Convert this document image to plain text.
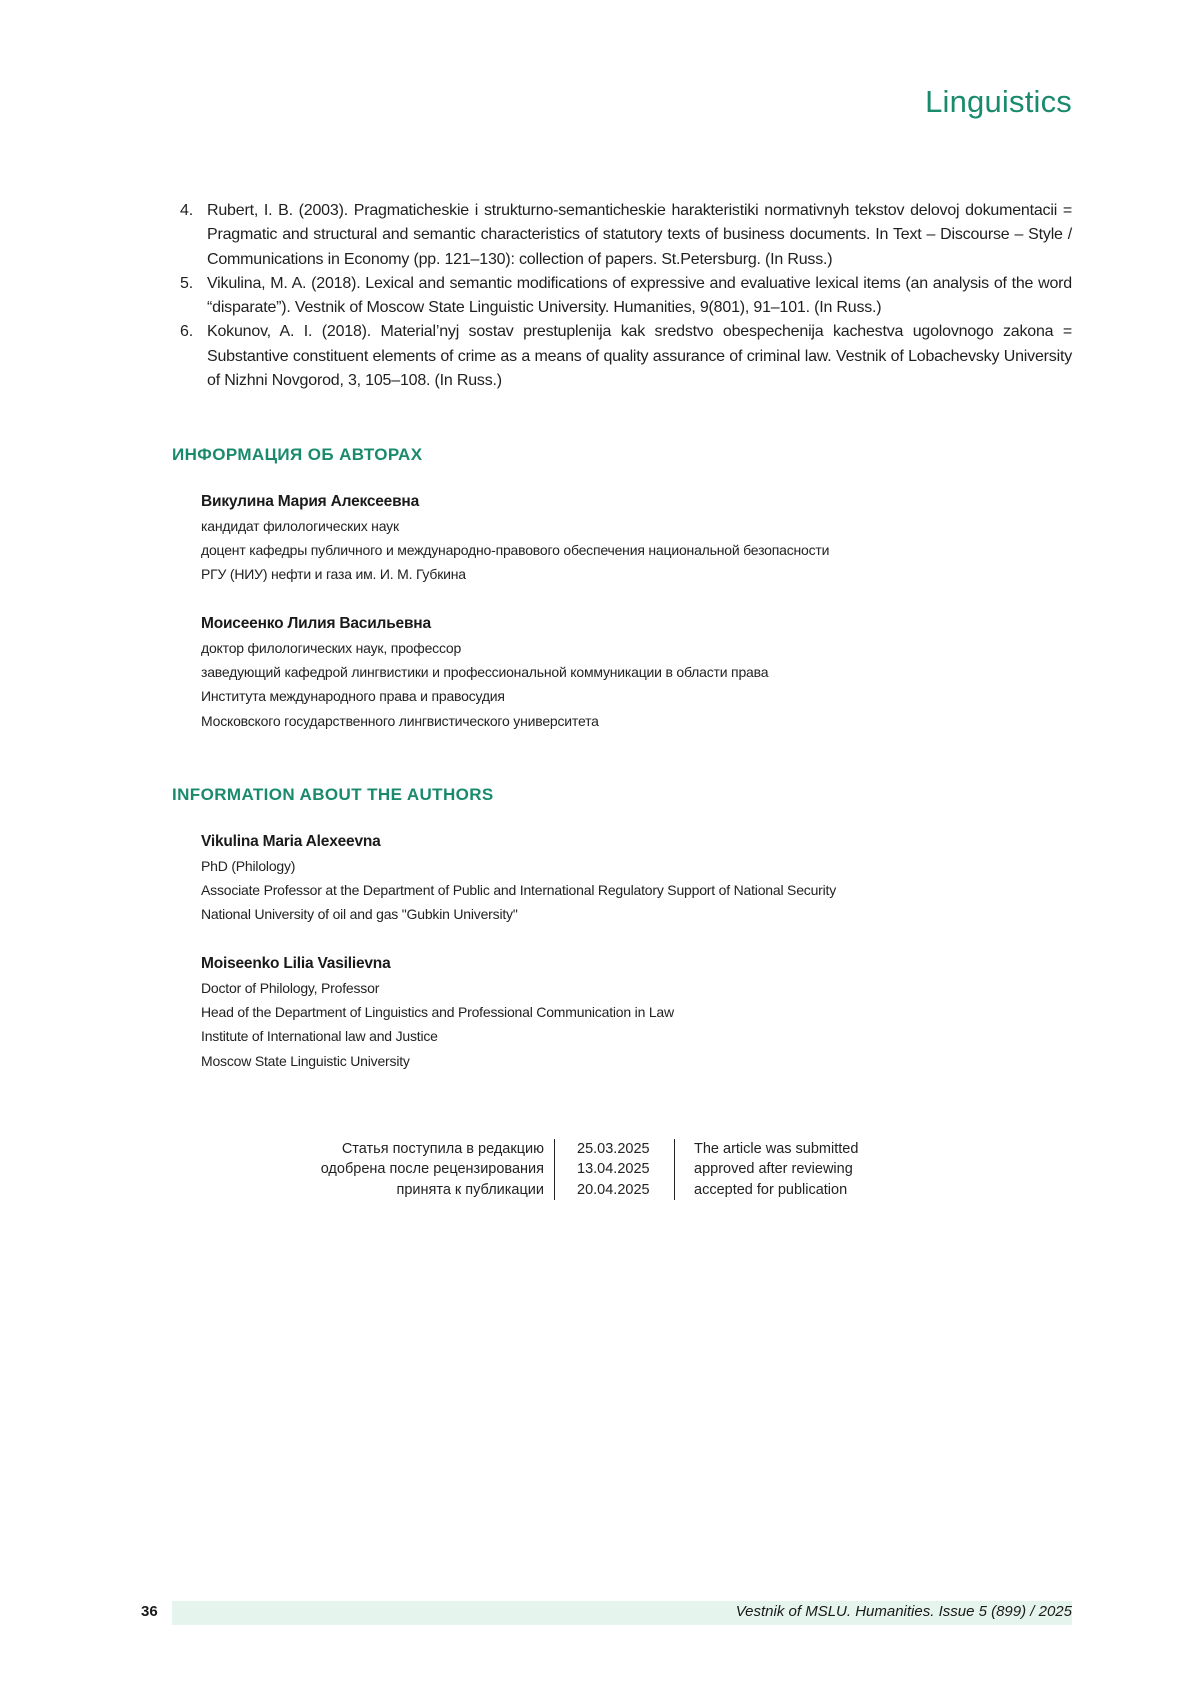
Linguistics
4. Rubert, I. B. (2003). Pragmaticheskie i strukturno-semanticheskie harakteristiki normativnyh tekstov delovoj dokumentacii = Pragmatic and structural and semantic characteristics of statutory texts of business documents. In Text – Discourse – Style / Communications in Economy (pp. 121–130): collection of papers. St.Petersburg. (In Russ.)
5. Vikulina, M. A. (2018). Lexical and semantic modifications of expressive and evaluative lexical items (an analysis of the word “disparate”). Vestnik of Moscow State Linguistic University. Humanities, 9(801), 91–101. (In Russ.)
6. Kokunov, A. I. (2018). Material’nyj sostav prestuplenija kak sredstvo obespechenija kachestva ugolovnogo zakona = Substantive constituent elements of crime as a means of quality assurance of criminal law. Vestnik of Lobachevsky University of Nizhni Novgorod, 3, 105–108. (In Russ.)
ИНФОРМАЦИЯ ОБ АВТОРАХ
Викулина Мария Алексеевна
кандидат филологических наук
доцент кафедры публичного и международно-правового обеспечения национальной безопасности
РГУ (НИУ) нефти и газа им. И. М. Губкина
Моисеенко Лилия Васильевна
доктор филологических наук, профессор
заведующий кафедрой лингвистики и профессиональной коммуникации в области права
Института международного права и правосудия
Московского государственного лингвистического университета
INFORMATION ABOUT THE AUTHORS
Vikulina Maria Alexeevna
PhD (Philology)
Associate Professor at the Department of Public and International Regulatory Support of National Security
National University of oil and gas "Gubkin University"
Moiseenko Lilia Vasilievna
Doctor of Philology, Professor
Head of the Department of Linguistics and Professional Communication in Law
Institute of International law and Justice
Moscow State Linguistic University
Статья поступила в редакцию
одобрена после рецензирования
принята к публикации
25.03.2025
13.04.2025
20.04.2025
The article was submitted
approved after reviewing
accepted for publication
36	Vestnik of MSLU. Humanities. Issue 5 (899) / 2025
